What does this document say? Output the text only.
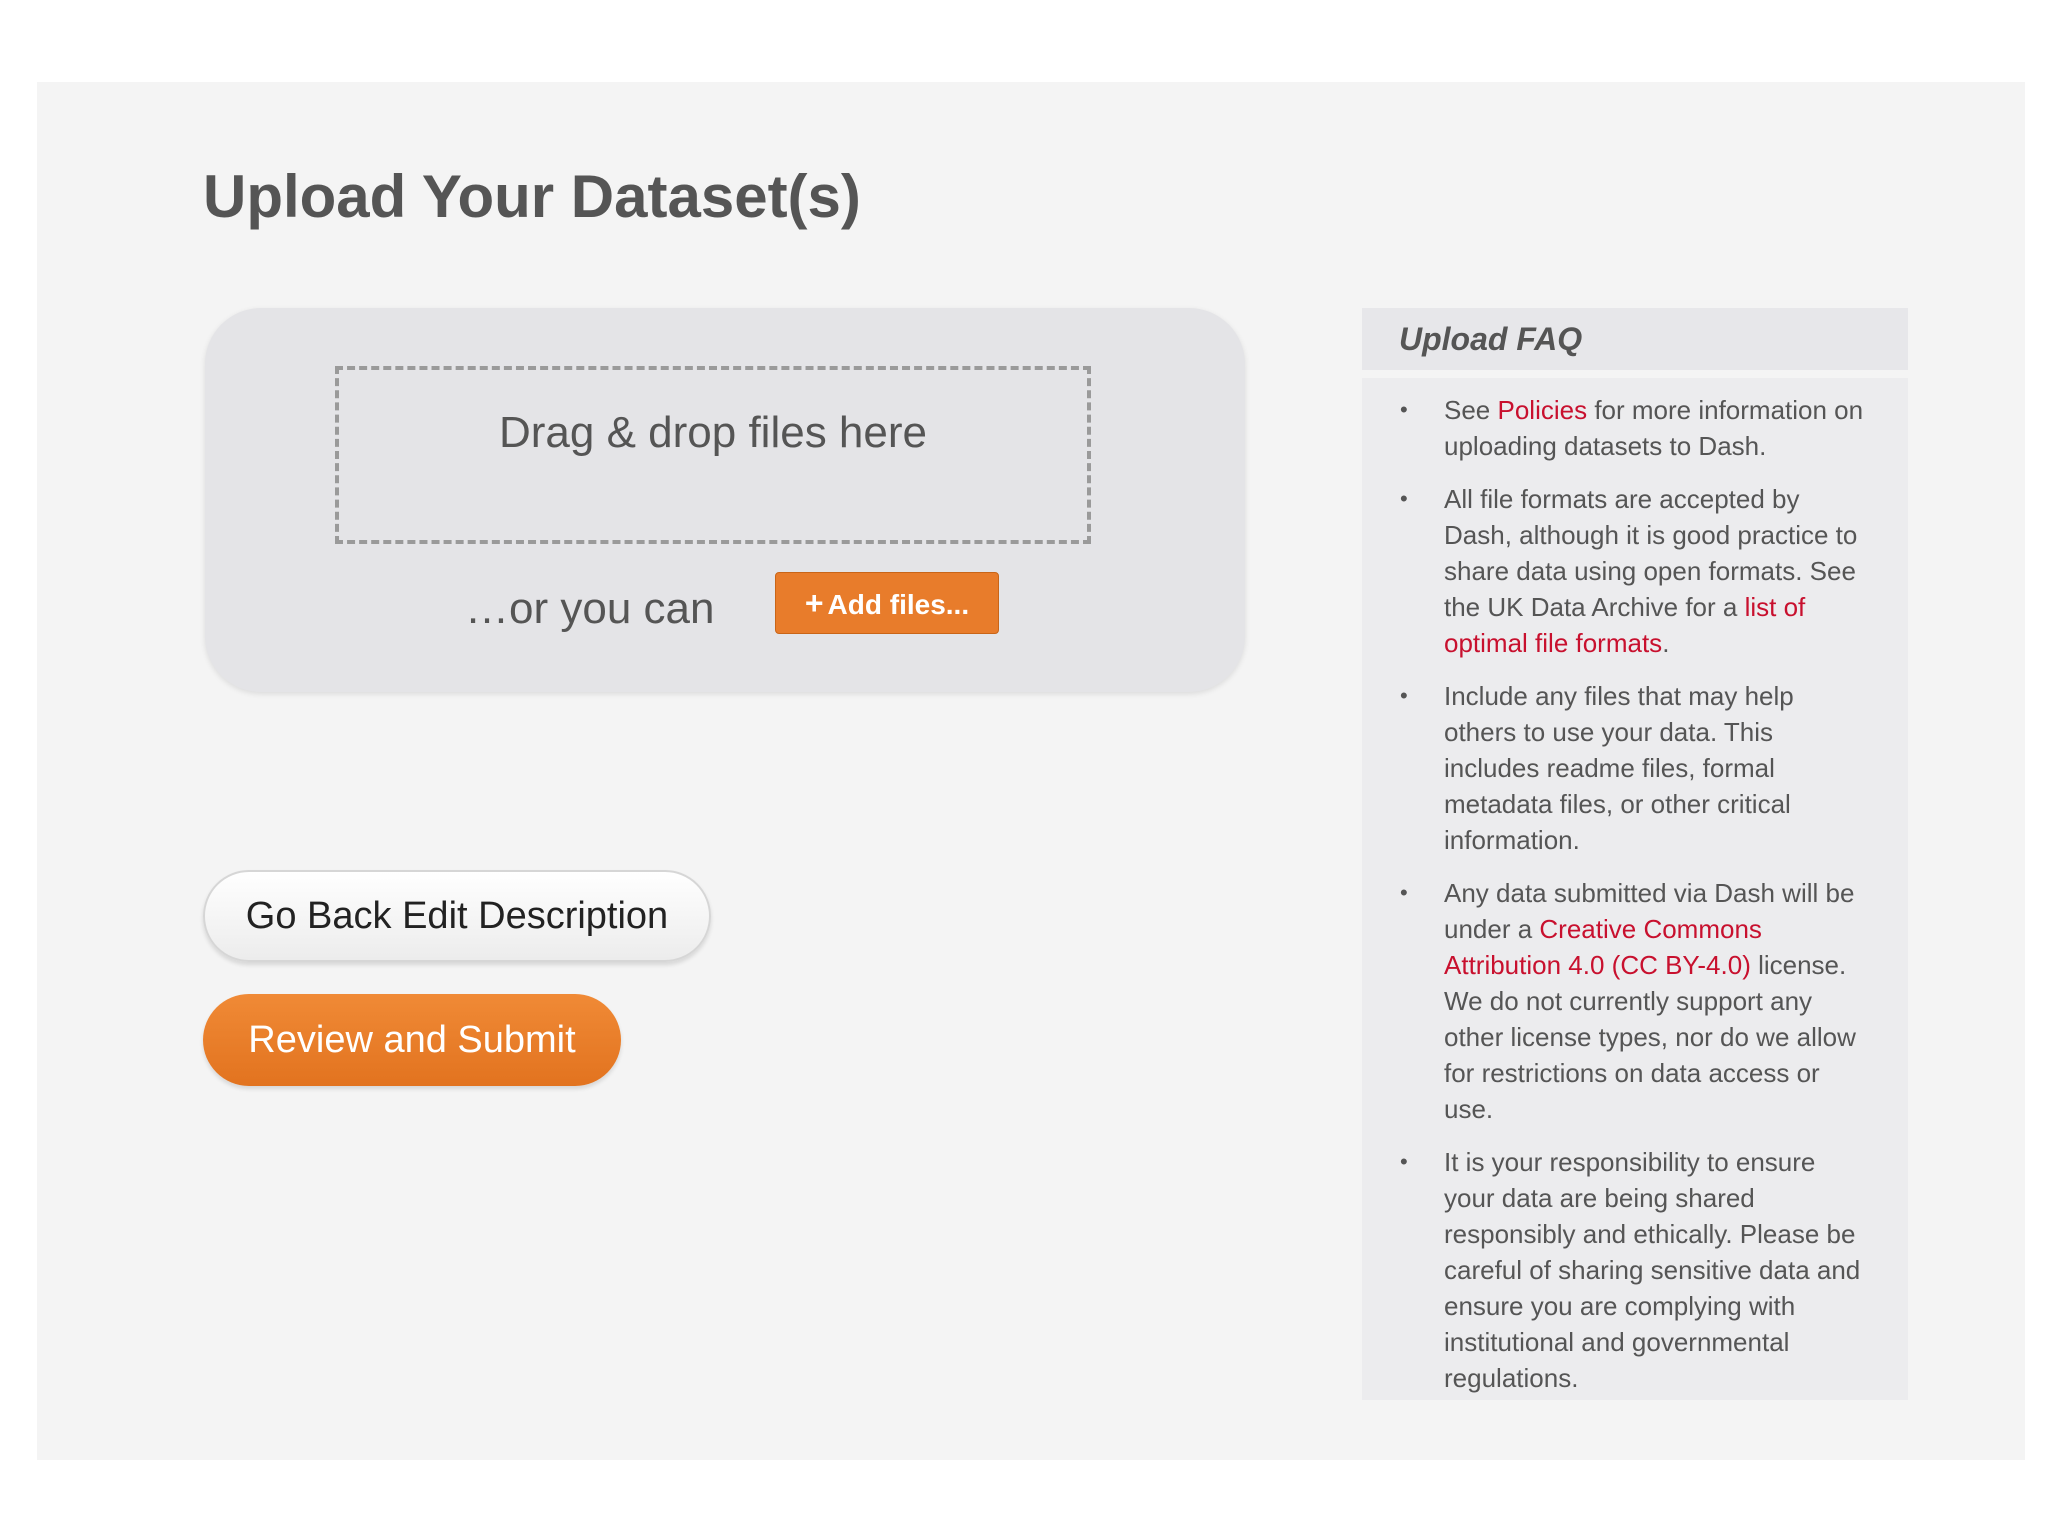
Upload Your Dataset(s)
Drag & drop files here
…or you can	+ Add files...
Go Back Edit Description
Review and Submit
Upload FAQ
• See Policies for more information on uploading datasets to Dash.
• All file formats are accepted by Dash, although it is good practice to share data using open formats. See the UK Data Archive for a list of optimal file formats.
• Include any files that may help others to use your data. This includes readme files, formal metadata files, or other critical information.
• Any data submitted via Dash will be under a Creative Commons Attribution 4.0 (CC BY-4.0) license. We do not currently support any other license types, nor do we allow for restrictions on data access or use.
• It is your responsibility to ensure your data are being shared responsibly and ethically. Please be careful of sharing sensitive data and ensure you are complying with institutional and governmental regulations.
